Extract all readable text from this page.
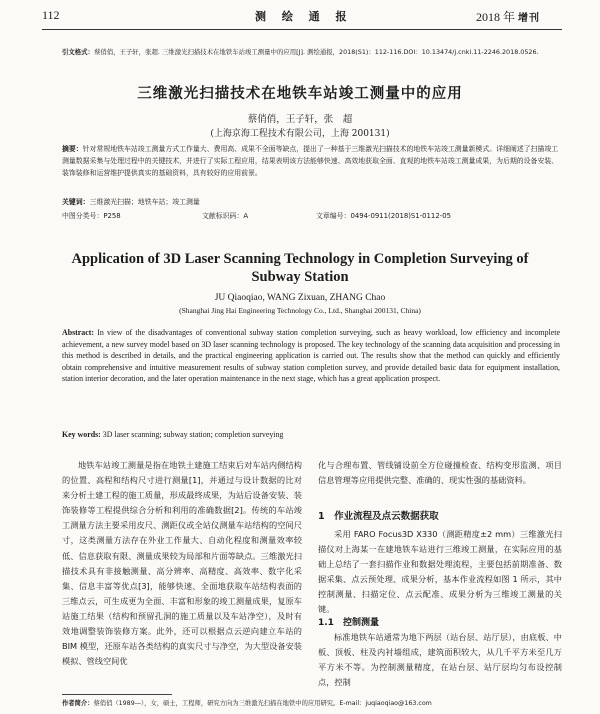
112	测 绘 通 报	2018 年 增刊
引文格式：蔡俏俏，王子轩，张超. 三维激光扫描技术在地铁车站竣工测量中的应用[J]. 测绘通报，2018(S1)：112-116.DOI：10.13474/j.cnki.11-2246.2018.0526.
三维激光扫描技术在地铁车站竣工测量中的应用
蔡俏俏，王子轩，张　超
(上海京海工程技术有限公司，上海 200131)
摘要：针对常规地铁车站竣工测量方式工作量大、费用高、成果不全面等缺点，提出了一种基于三维激光扫描技术的地铁车站竣工测量新模式。详细阐述了扫描竣工测量数据采集与处理过程中的关键技术，并进行了实际工程应用，结果表明该方法能够快速、高效地获取全面、直观的地铁车站竣工测量成果，为后期的设备安装、装饰装修和运营维护提供真实的基础资料，具有较好的应用前景。
关键词：三维激光扫描；地铁车站；竣工测量
中图分类号：P258	文献标识码：A	文章编号：0494-0911(2018)S1-0112-05
Application of 3D Laser Scanning Technology in Completion Surveying of Subway Station
JU Qiaoqiao, WANG Zixuan, ZHANG Chao
(Shanghai Jing Hai Engineering Technology Co., Ltd., Shanghai 200131, China)
Abstract: In view of the disadvantages of conventional subway station completion surveying, such as heavy workload, low efficiency and incomplete achievement, a new survey model based on 3D laser scanning technology is proposed. The key technology of the scanning data acquisition and processing in this method is described in details, and the practical engineering application is carried out. The results show that the method can quickly and efficiently obtain comprehensive and intuitive measurement results of subway station completion survey, and provide detailed basic data for equipment installation, station interior decoration, and the later operation maintenance in the next stage, which has a great application prospect.
Key words: 3D laser scanning; subway station; completion surveying
地铁车站竣工测量是指在地铁土建施工结束后对车站内侧结构的位置、高程和结构尺寸进行测量[1]，并通过与设计数据的比对来分析土建工程的施工质量，形成最终成果，为站后设备安装、装饰装修等工程提供综合分析和利用的准确数据[2]。传统的车站竣工测量方法主要采用皮尺、测距仪或全站仪测量车站结构的空间尺寸，这类测量方法存在外业工作量大、自动化程度和测量效率较低、信息获取有限、测量成果较为局部和片面等缺点。三维激光扫描技术具有非接触测量、高分辨率、高精度、高效率、数字化采集、信息丰富等优点[3]，能够快速、全面地获取车站结构表面的三维点云，可生成更为全面、丰富和形象的竣工测量成果，复原车站施工结果（结构和预留孔洞的施工质量以及车站净空），及时有效地调整装饰装修方案。此外，还可以根据点云逆向建立车站的 BIM 模型，还原车站各类结构的真实尺寸与净空，为大型设备安装模拟、管线空间优
化与合理布置、管线铺设前全方位碰撞检查、结构变形监测、项目信息管理等应用提供完整、准确的、现实性强的基础资料。
1　作业流程及点云数据获取
采用 FARO Focus3D X330（测距精度±2 mm）三维激光扫描仪对上海某一在建地铁车站进行三维竣工测量，在实际应用的基础上总结了一套扫描作业和数据处理流程，主要包括前期准备、数据采集、点云预处理、成果分析，基本作业流程如图 1 所示，其中控制测量、扫描定位、点云配准、成果分析为三维竣工测量的关键。
1.1　控制测量
标准地铁车站通常为地下两层（站台层、站厅层），由底板、中板、顶板、柱及内衬墙组成，建筑面积较大，从几千平方米至几万平方米不等。为控制测量精度，在站台层、站厅层均匀布设控制点，控制
作者简介：蔡俏俏（1989—），女，硕士，工程师，研究方向为三维激光扫描在地铁中的应用研究。E-mail：juqiaoqiao@163.com
